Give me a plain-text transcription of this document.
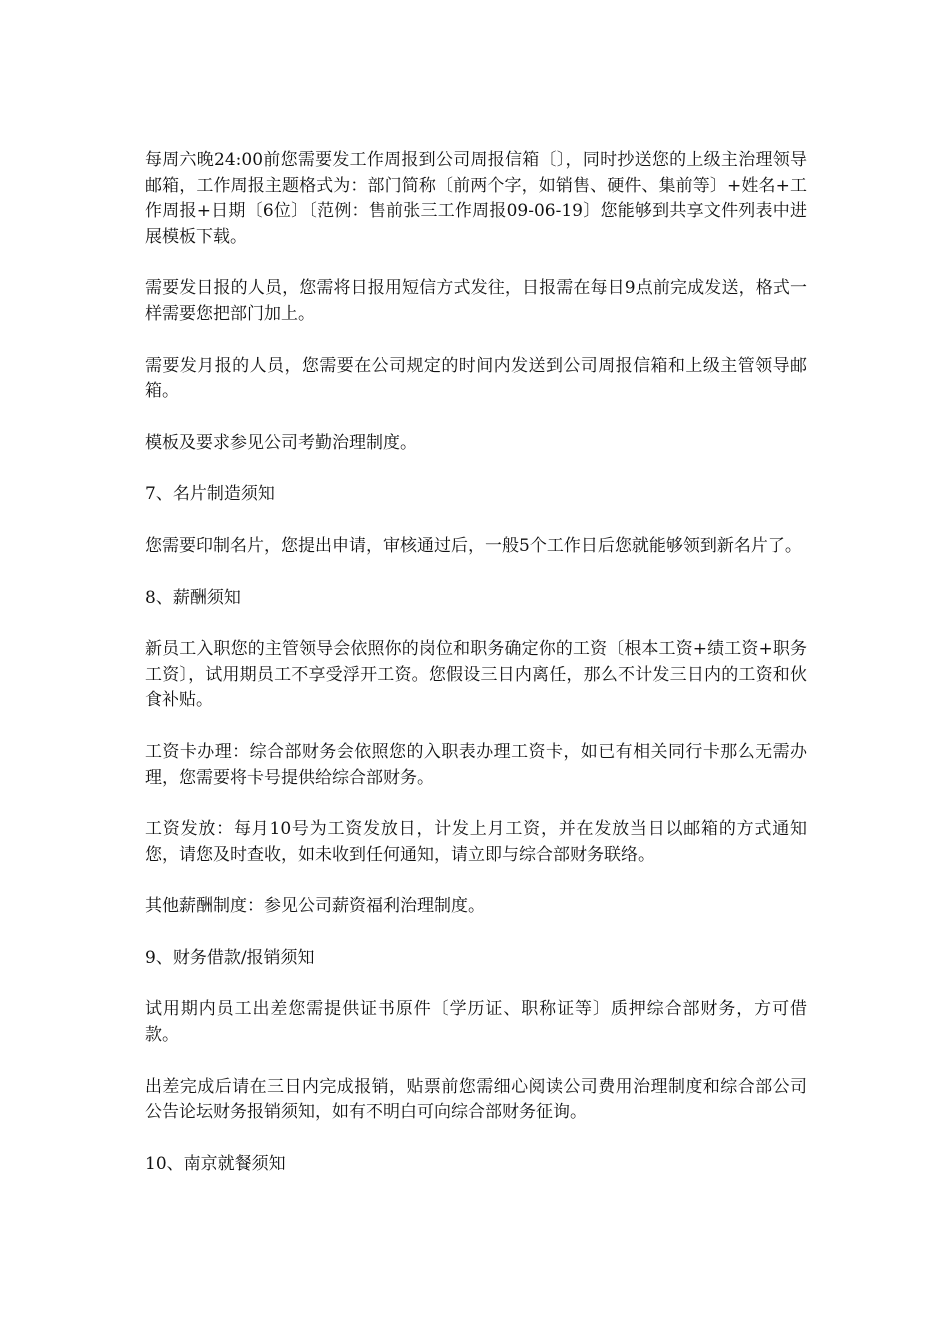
每周六晚24:00前您需要发工作周报到公司周报信箱〔〕，同时抄送您的上级主治理领导邮箱，工作周报主题格式为：部门简称〔前两个字，如销售、硬件、集前等〕+姓名+工作周报+日期〔6位〕〔范例：售前张三工作周报09-06-19〕您能够到共享文件列表中进展模板下载。

需要发日报的人员，您需将日报用短信方式发往，日报需在每日9点前完成发送，格式一样需要您把部门加上。

需要发月报的人员，您需要在公司规定的时间内发送到公司周报信箱和上级主管领导邮箱。

模板及要求参见公司考勤治理制度。

7、名片制造须知

您需要印制名片，您提出申请，审核通过后，一般5个工作日后您就能够领到新名片了。

8、薪酬须知

新员工入职您的主管领导会依照你的岗位和职务确定你的工资〔根本工资+绩工资+职务工资〕，试用期员工不享受浮开工资。您假设三日内离任，那么不计发三日内的工资和伙食补贴。

工资卡办理：综合部财务会依照您的入职表办理工资卡，如已有相关同行卡那么无需办理，您需要将卡号提供给综合部财务。

工资发放：每月10号为工资发放日，计发上月工资，并在发放当日以邮箱的方式通知您，请您及时查收，如未收到任何通知，请立即与综合部财务联络。

其他薪酬制度：参见公司薪资福利治理制度。

9、财务借款/报销须知

试用期内员工出差您需提供证书原件〔学历证、职称证等〕质押综合部财务，方可借款。

出差完成后请在三日内完成报销，贴票前您需细心阅读公司费用治理制度和综合部公司公告论坛财务报销须知，如有不明白可向综合部财务征询。

10、南京就餐须知
